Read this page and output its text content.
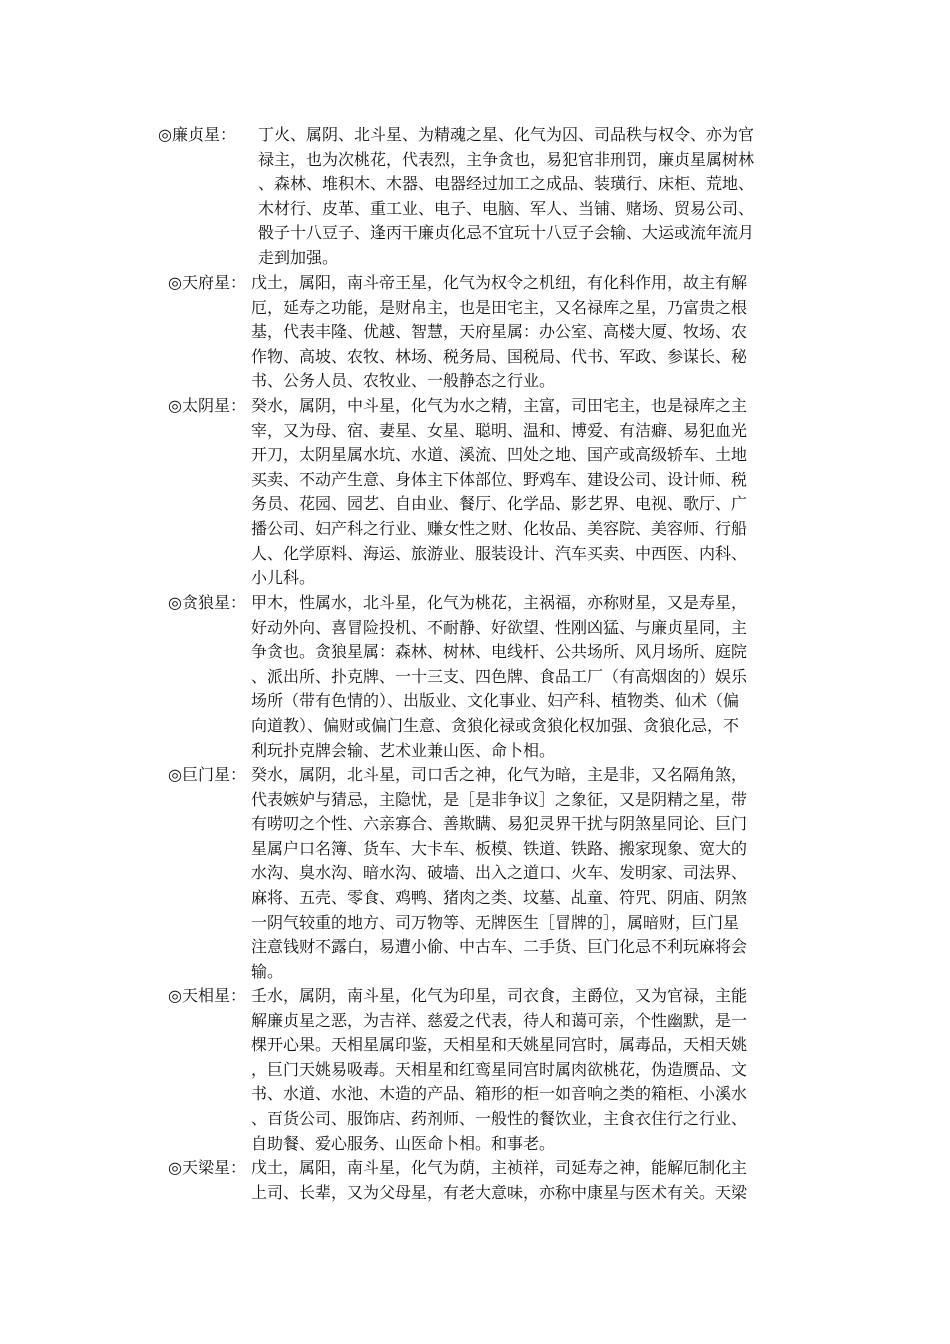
◎廉贞星： 丁火、属阴、北斗星、为精魂之星、化气为囚、司品秩与权令、亦为官
禄主，也为次桃花，代表烈，主争贪也，易犯官非刑罚，廉贞星属树林
、森林、堆积木、木器、电器经过加工之成品、装璜行、床柜、荒地、
木材行、皮革、重工业、电子、电脑、军人、当铺、赌场、贸易公司、
骰子十八豆子、逢丙干廉贞化忌不宜玩十八豆子会输、大运或流年流月
走到加强。
◎天府星： 戊土，属阳，南斗帝王星，化气为权令之机纽，有化科作用，故主有解
厄，延寿之功能，是财帛主，也是田宅主，又名禄库之星，乃富贵之根
基，代表丰隆、优越、智慧，天府星属：办公室、高楼大厦、牧场、农
作物、高坡、农牧、林场、税务局、国税局、代书、军政、参谋长、秘
书、公务人员、农牧业、一般静态之行业。
◎太阴星： 癸水，属阴，中斗星，化气为水之精，主富，司田宅主，也是禄库之主
宰，又为母、宿、妻星、女星、聪明、温和、博爱、有洁癖、易犯血光
开刀，太阴星属水坑、水道、溪流、凹处之地、国产或高级轿车、土地
买卖、不动产生意、身体主下体部位、野鸡车、建设公司、设计师、税
务员、花园、园艺、自由业、餐厅、化学品、影艺界、电视、歌厅、广
播公司、妇产科之行业、赚女性之财、化妆品、美容院、美容师、行船
人、化学原料、海运、旅游业、服装设计、汽车买卖、中西医、内科、
小儿科。
◎贪狼星： 甲木，性属水，北斗星，化气为桃花，主祸福，亦称财星，又是寿星，
好动外向、喜冒险投机、不耐静、好欲望、性刚凶猛、与廉贞星同，主
争贪也。贪狼星属：森林、树林、电线杆、公共场所、风月场所、庭院
、派出所、扑克牌、一十三支、四色牌、食品工厂（有高烟囱的）娱乐
场所（带有色情的）、出版业、文化事业、妇产科、植物类、仙术（偏
向道教）、偏财或偏门生意、贪狼化禄或贪狼化权加强、贪狼化忌，不
利玩扑克牌会输、艺术业兼山医、命卜相。
◎巨门星： 癸水，属阴，北斗星，司口舌之神，化气为暗，主是非，又名隔角煞，
代表嫉妒与猜忌，主隐忧，是［是非争议］之象征，又是阴精之星，带
有唠叨之个性、六亲寡合、善欺瞒、易犯灵界干扰与阴煞星同论、巨门
星属户口名簿、货车、大卡车、板模、铁道、铁路、搬家现象、宽大的
水沟、臭水沟、暗水沟、破墙、出入之道口、火车、发明家、司法界、
麻将、五壳、零食、鸡鸭、猪肉之类、坟墓、乩童、符咒、阴庙、阴煞
一阴气较重的地方、司万物等、无牌医生［冒牌的］，属暗财，巨门星
注意钱财不露白，易遭小偷、中古车、二手货、巨门化忌不利玩麻将会
输。
◎天相星： 壬水，属阴，南斗星，化气为印星，司衣食，主爵位，又为官禄，主能
解廉贞星之恶，为吉祥、慈爱之代表，待人和蔼可亲，个性幽默，是一
棵开心果。天相星属印鉴，天相星和天姚星同宫时，属毒品，天相天姚
，巨门天姚易吸毒。天相星和红鸾星同宫时属肉欲桃花，伪造赝品、文
书、水道、水池、木造的产品、箱形的柜一如音响之类的箱柜、小溪水
、百货公司、服饰店、药剂师、一般性的餐饮业，主食衣住行之行业、
自助餐、爱心服务、山医命卜相。和事老。
◎天梁星： 戊土，属阳，南斗星，化气为荫，主祯祥，司延寿之神，能解厄制化主
上司、长辈，又为父母星，有老大意味，亦称中康星与医术有关。天梁
